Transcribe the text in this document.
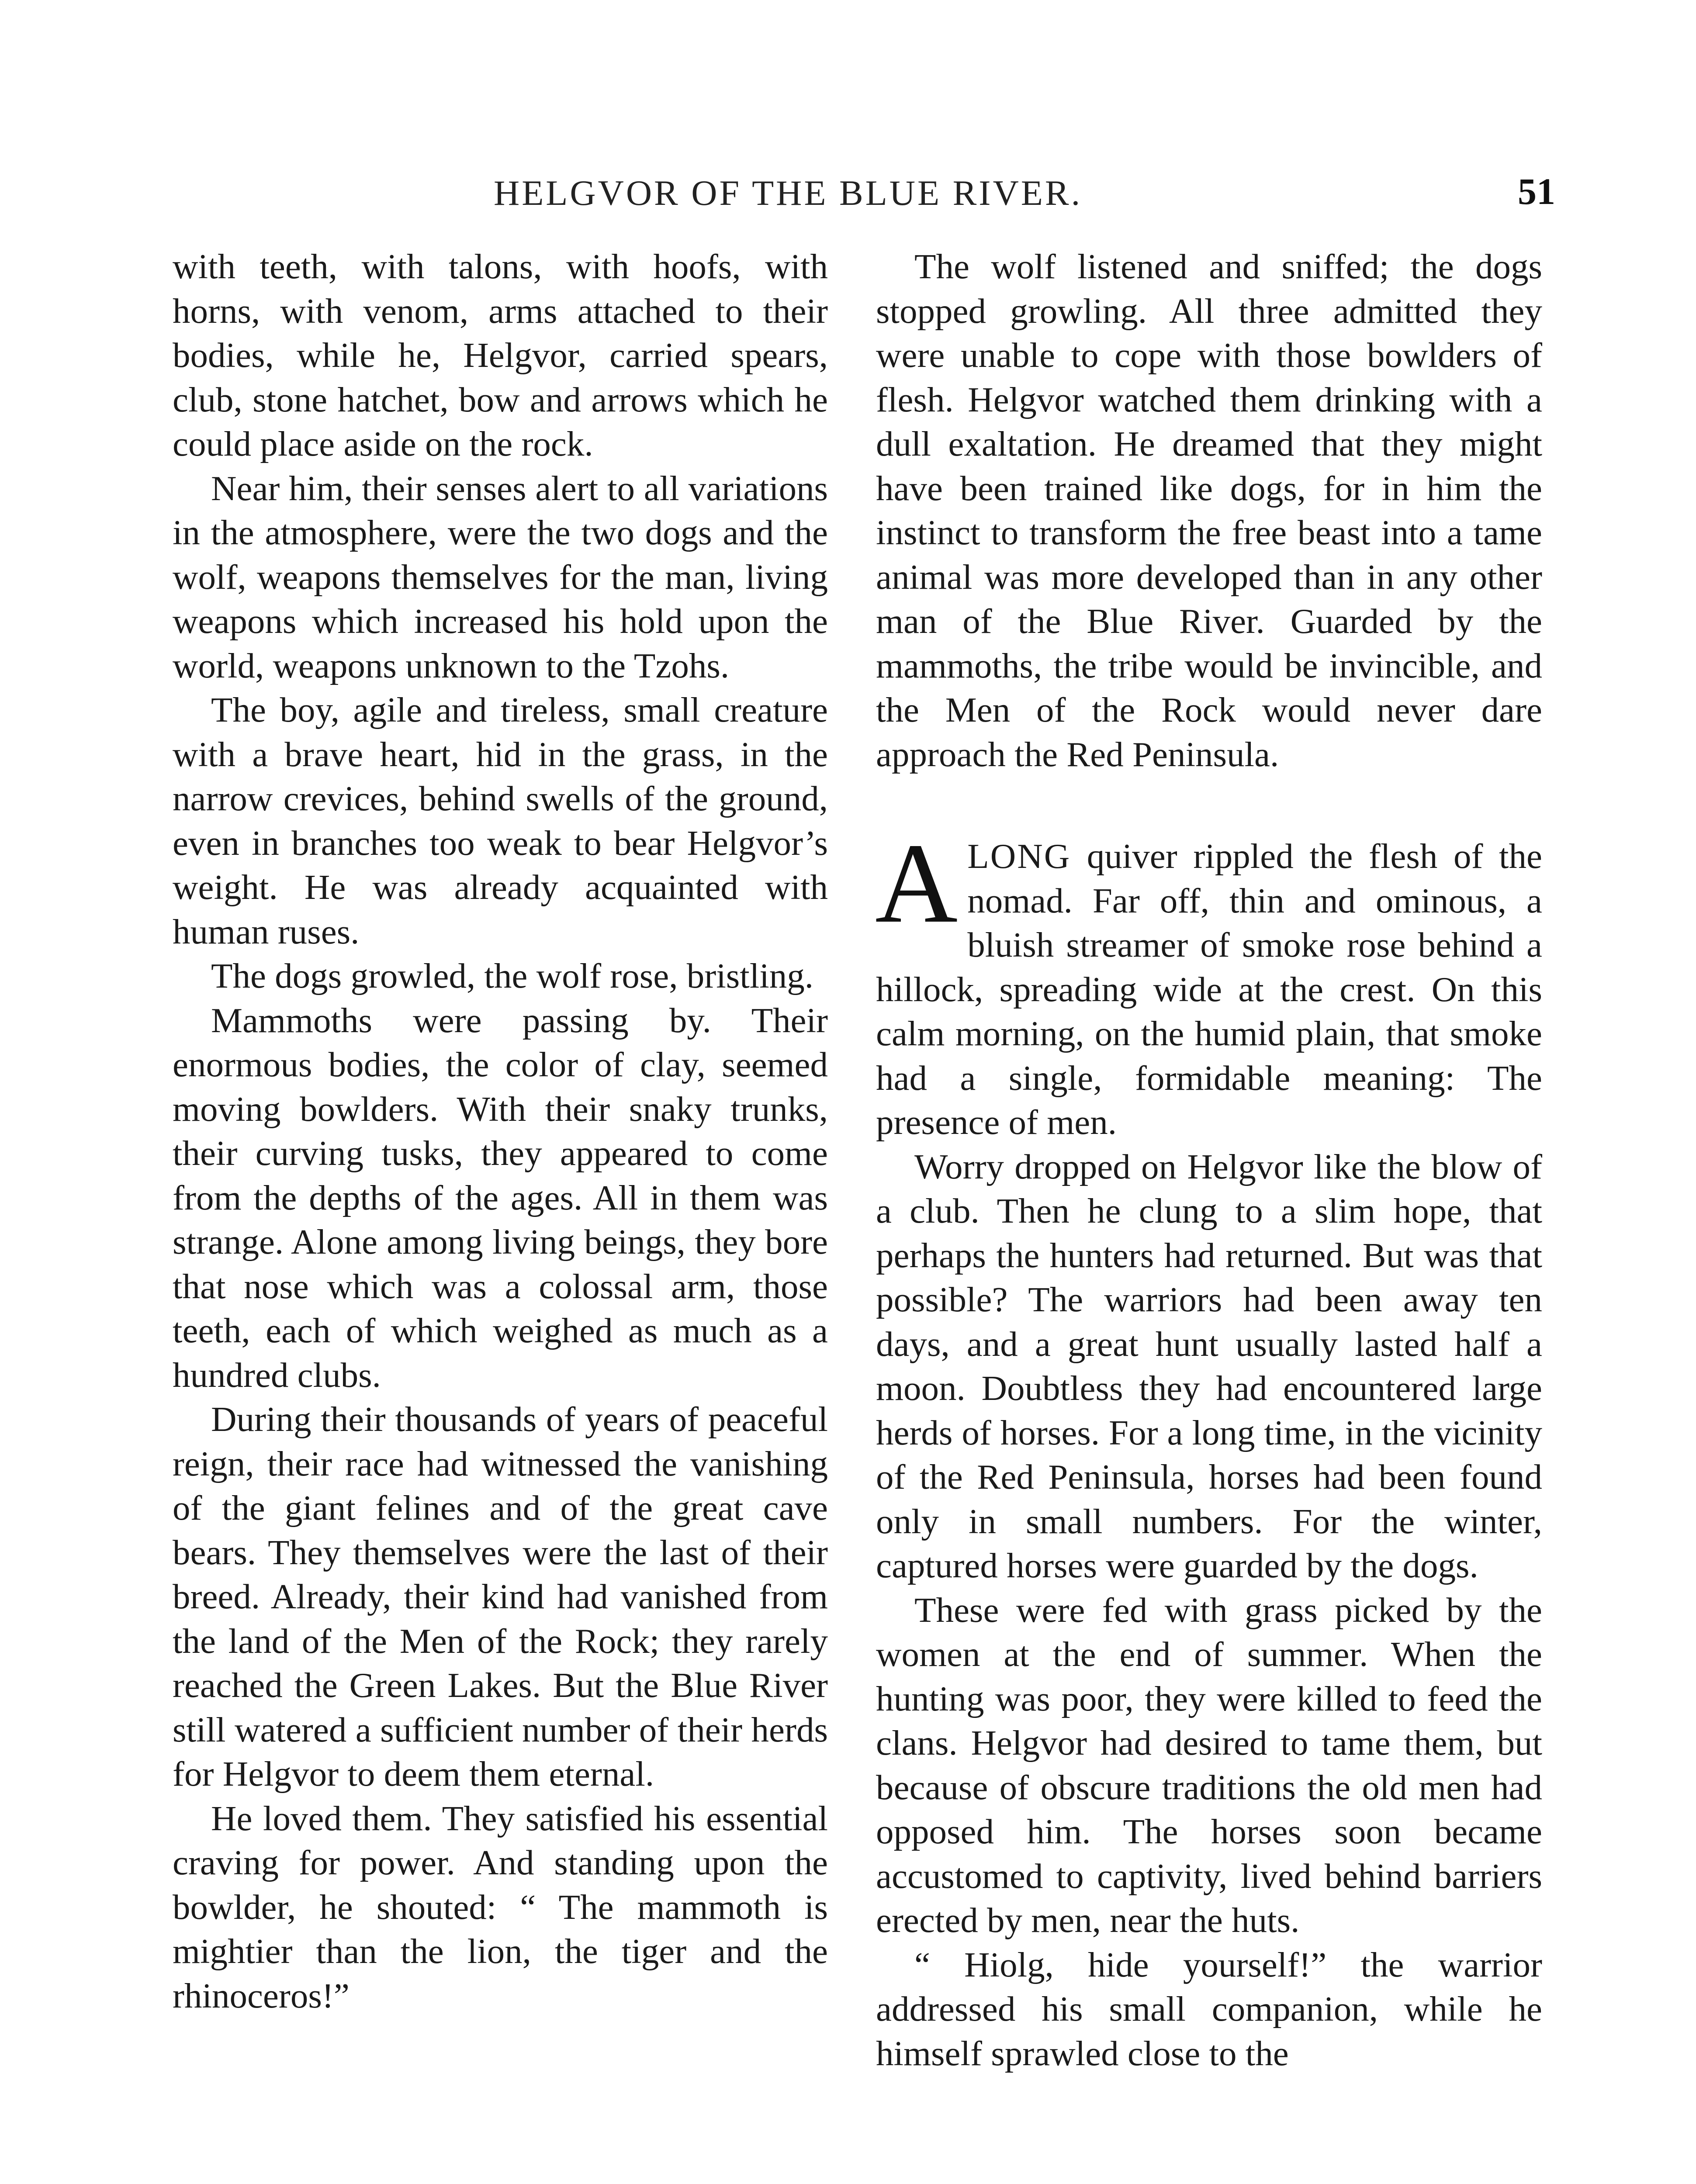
HELGVOR OF THE BLUE RIVER.	51

with teeth, with talons, with hoofs, with horns, with venom, arms attached to their bodies, while he, Helgvor, carried spears, club, stone hatchet, bow and arrows which he could place aside on the rock.

Near him, their senses alert to all variations in the atmosphere, were the two dogs and the wolf, weapons themselves for the man, living weapons which increased his hold upon the world, weapons unknown to the Tzohs.

The boy, agile and tireless, small creature with a brave heart, hid in the grass, in the narrow crevices, behind swells of the ground, even in branches too weak to bear Helgvor’s weight. He was already acquainted with human ruses.

The dogs growled, the wolf rose, bristling.

Mammoths were passing by. Their enormous bodies, the color of clay, seemed moving bowlders. With their snaky trunks, their curving tusks, they appeared to come from the depths of the ages. All in them was strange. Alone among living beings, they bore that nose which was a colossal arm, those teeth, each of which weighed as much as a hundred clubs.

During their thousands of years of peaceful reign, their race had witnessed the vanishing of the giant felines and of the great cave bears. They themselves were the last of their breed. Already, their kind had vanished from the land of the Men of the Rock; they rarely reached the Green Lakes. But the Blue River still watered a sufficient number of their herds for Helgvor to deem them eternal.

He loved them. They satisfied his essential craving for power. And standing upon the bowlder, he shouted: “ The mammoth is mightier than the lion, the tiger and the rhinoceros!”

The wolf listened and sniffed; the dogs stopped growling. All three admitted they were unable to cope with those bowlders of flesh. Helgvor watched them drinking with a dull exaltation. He dreamed that they might have been trained like dogs, for in him the instinct to transform the free beast into a tame animal was more developed than in any other man of the Blue River. Guarded by the mammoths, the tribe would be invincible, and the Men of the Rock would never dare approach the Red Peninsula.

ALONG quiver rippled the flesh of the nomad. Far off, thin and ominous, a bluish streamer of smoke rose behind a hillock, spreading wide at the crest. On this calm morning, on the humid plain, that smoke had a single, formidable meaning: The presence of men.

Worry dropped on Helgvor like the blow of a club. Then he clung to a slim hope, that perhaps the hunters had returned. But was that possible? The warriors had been away ten days, and a great hunt usually lasted half a moon. Doubtless they had encountered large herds of horses. For a long time, in the vicinity of the Red Peninsula, horses had been found only in small numbers. For the winter, captured horses were guarded by the dogs.

These were fed with grass picked by the women at the end of summer. When the hunting was poor, they were killed to feed the clans. Helgvor had desired to tame them, but because of obscure traditions the old men had opposed him. The horses soon became accustomed to captivity, lived behind barriers erected by men, near the huts.

“ Hiolg, hide yourself!” the warrior addressed his small companion, while he himself sprawled close to the
